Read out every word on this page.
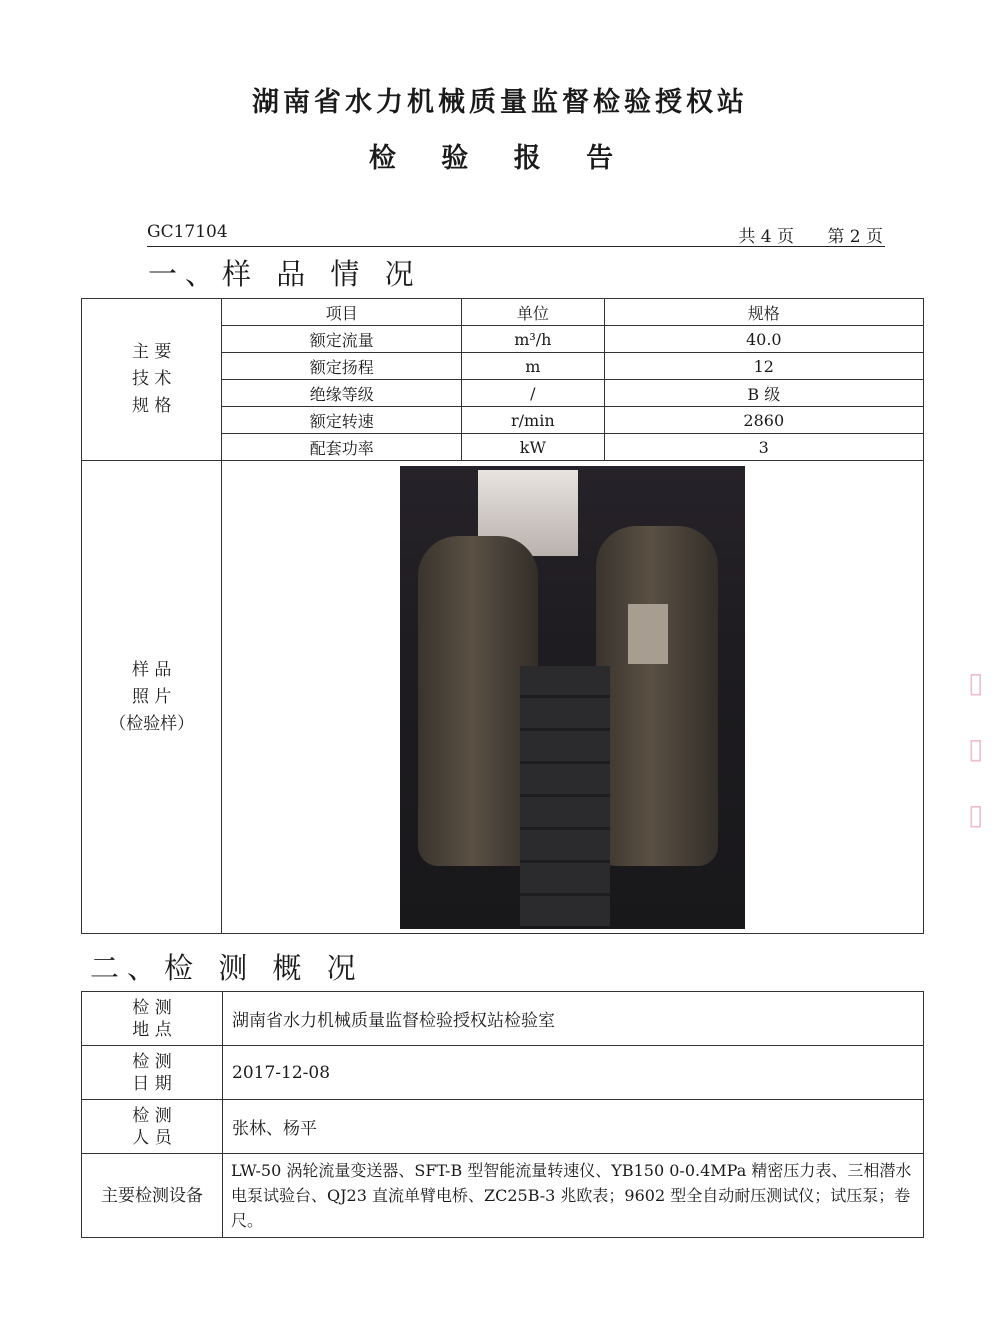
湖南省水力机械质量监督检验授权站
检 验 报 告
GC17104	共 4 页 第 2 页
一、样 品 情 况
主 要
技 术
规 格	项目	单位	规格
	额定流量	m³/h	40.0
	额定扬程	m	12
	绝缘等级	/	B 级
	额定转速	r/min	2860
	配套功率	kW	3
样 品
照 片
（检验样）			
二、检 测 概 况
检 测
地 点	湖南省水力机械质量监督检验授权站检验室
检 测
日 期	2017-12-08
检 测
人 员	张林、杨平
主要检测设备	LW-50 涡轮流量变送器、SFT-B 型智能流量转速仪、YB150 0-0.4MPa 精密压力表、三相潜水电泵试验台、QJ23 直流单臂电桥、ZC25B-3 兆欧表；9602 型全自动耐压测试仪；试压泵；卷尺。
▯
▯
▯
